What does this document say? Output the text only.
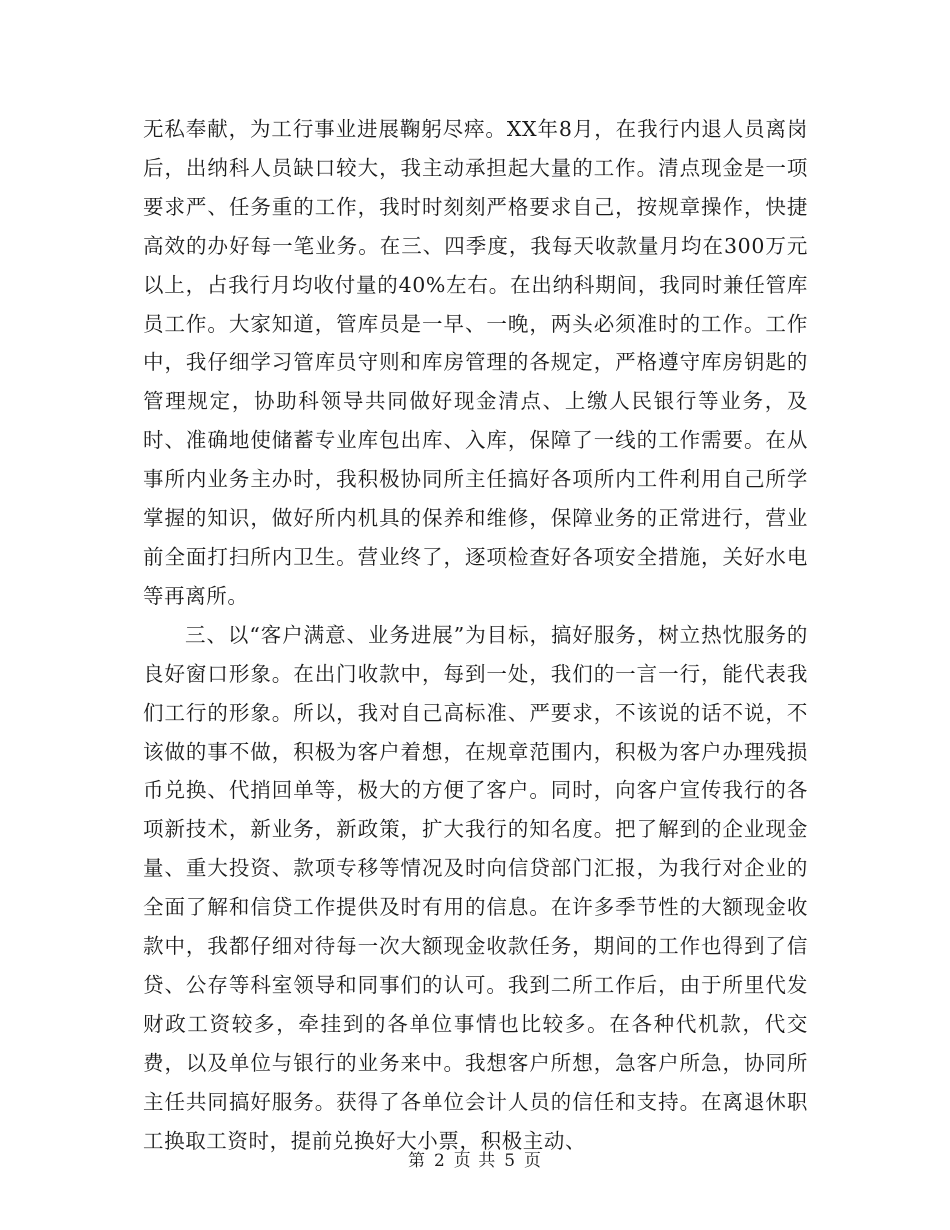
无私奉献，为工行事业进展鞠躬尽瘁。XX年8月，在我行内退人员离岗后，出纳科人员缺口较大，我主动承担起大量的工作。清点现金是一项要求严、任务重的工作，我时时刻刻严格要求自己，按规章操作，快捷高效的办好每一笔业务。在三、四季度，我每天收款量月均在300万元以上，占我行月均收付量的40%左右。在出纳科期间，我同时兼任管库员工作。大家知道，管库员是一早、一晚，两头必须准时的工作。工作中，我仔细学习管库员守则和库房管理的各规定，严格遵守库房钥匙的管理规定，协助科领导共同做好现金清点、上缴人民银行等业务，及时、准确地使储蓄专业库包出库、入库，保障了一线的工作需要。在从事所内业务主办时，我积极协同所主任搞好各项所内工件利用自己所学掌握的知识，做好所内机具的保养和维修，保障业务的正常进行，营业前全面打扫所内卫生。营业终了，逐项检查好各项安全措施，关好水电等再离所。

三、以“客户满意、业务进展”为目标，搞好服务，树立热忱服务的良好窗口形象。在出门收款中，每到一处，我们的一言一行，能代表我们工行的形象。所以，我对自己高标准、严要求，不该说的话不说，不该做的事不做，积极为客户着想，在规章范围内，积极为客户办理残损币兑换、代捎回单等，极大的方便了客户。同时，向客户宣传我行的各项新技术，新业务，新政策，扩大我行的知名度。把了解到的企业现金量、重大投资、款项专移等情况及时向信贷部门汇报，为我行对企业的全面了解和信贷工作提供及时有用的信息。在许多季节性的大额现金收款中，我都仔细对待每一次大额现金收款任务，期间的工作也得到了信贷、公存等科室领导和同事们的认可。我到二所工作后，由于所里代发财政工资较多，牵挂到的各单位事情也比较多。在各种代机款，代交费，以及单位与银行的业务来中。我想客户所想，急客户所急，协同所主任共同搞好服务。获得了各单位会计人员的信任和支持。在离退休职工换取工资时，提前兑换好大小票，积极主动、

第 2 页 共 5 页
